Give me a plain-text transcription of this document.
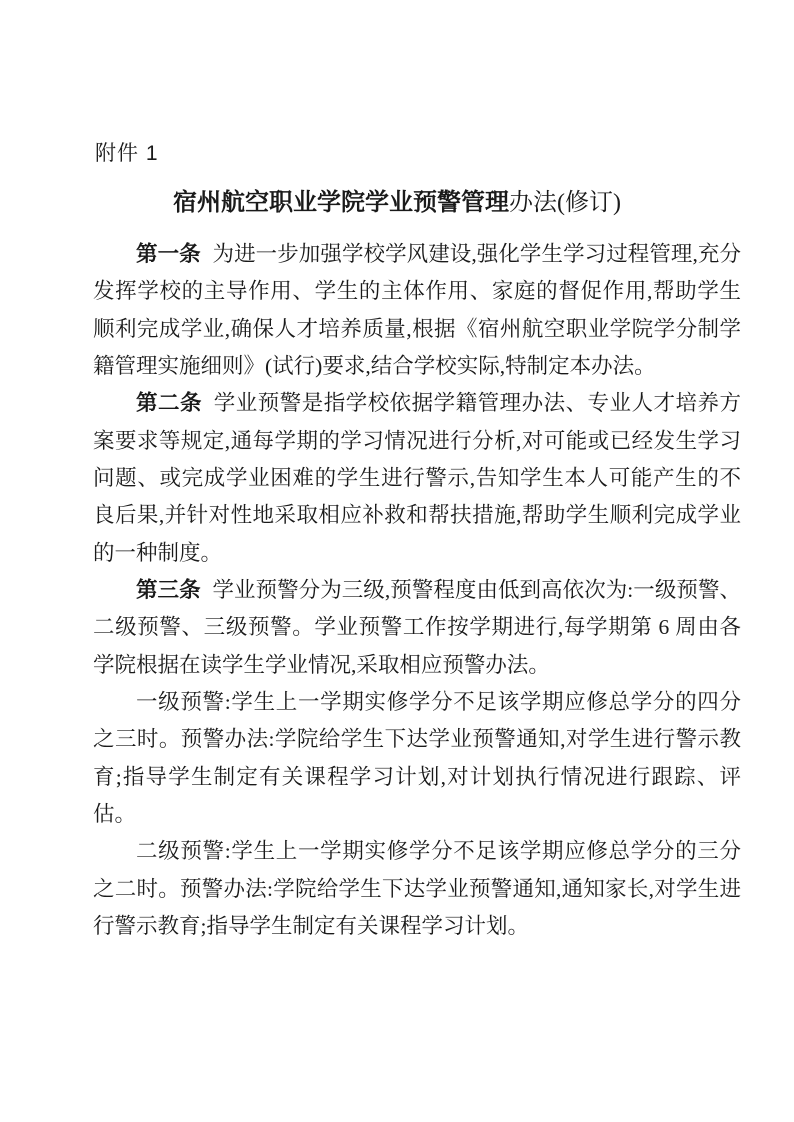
附件 1
宿州航空职业学院学业预警管理办法(修订)

第一条 为进一步加强学校学风建设,强化学生学习过程管理,充分发挥学校的主导作用、学生的主体作用、家庭的督促作用,帮助学生顺利完成学业,确保人才培养质量,根据《宿州航空职业学院学分制学籍管理实施细则》(试行)要求,结合学校实际,特制定本办法。

第二条 学业预警是指学校依据学籍管理办法、专业人才培养方案要求等规定,通每学期的学习情况进行分析,对可能或已经发生学习问题、或完成学业困难的学生进行警示,告知学生本人可能产生的不良后果,并针对性地采取相应补救和帮扶措施,帮助学生顺利完成学业的一种制度。

第三条 学业预警分为三级,预警程度由低到高依次为:一级预警、二级预警、三级预警。学业预警工作按学期进行,每学期第 6 周由各学院根据在读学生学业情况,采取相应预警办法。

一级预警:学生上一学期实修学分不足该学期应修总学分的四分之三时。预警办法:学院给学生下达学业预警通知,对学生进行警示教育;指导学生制定有关课程学习计划,对计划执行情况进行跟踪、评估。

二级预警:学生上一学期实修学分不足该学期应修总学分的三分之二时。预警办法:学院给学生下达学业预警通知,通知家长,对学生进行警示教育;指导学生制定有关课程学习计划。
